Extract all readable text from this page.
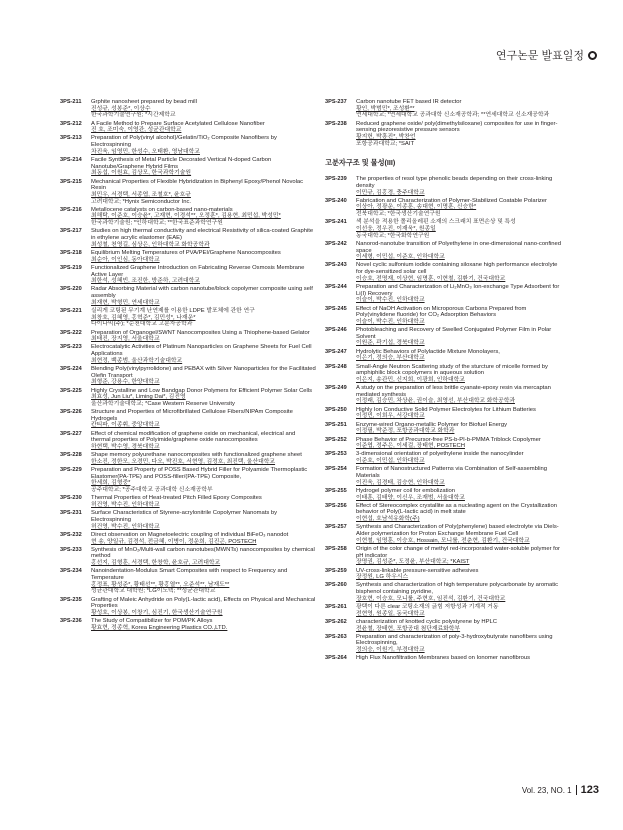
연구논문 발표일정
3PS-211	Grphite nanosheet prepared by bead mill
진성규, 성봉준*, 이상수
한국과학기술연구원; *시간제학교
3PS-212	A Facile Method to Prepare Surface Acetylated Cellulose Nanofiber
진 호, 조미숙, 이영관, 성균관대학교
3PS-213	Preparation of Poly(vinyl alcohol)/Gelatin/TiO₂ Composite Nanofibers by Electrospinning
차진욱, 임영민, 한성수, 오태환, 영남대학교
3PS-214	Facile Synthesis of Metal Particle Decorated Vertical N-doped Carbon Nanotube/Graphene Hybrid Films
최동섭, 이원효, 김상모, 한국과학기술원
3PS-215	Mechanical Properties of Flexible Hybridization in Biphenyl Epoxy/Phenol Novolac Resin
최민우, 서경택, 서종엽, 조철호*, 윤호규
고려대학교; *Hynix Semiconductor Inc.
3PS-216	Metallocene catalysts on carbon-based nano-materials
최해탁, 이준호, 이승윤*, 고재현, 이경석**, 오정훈*, 김용현, 최민섭, 박성민*
한국과학기술원; *인하대학교; **한국표준과학연구원
3PS-217	Studies on high thermal conductivity and electrical Resistivity of silica-coated Graphite in ethylene acrylic elastomer (EAE)
최성철, 천영길, 심상은, 인하대학교 화학공학과
3PS-218	Equilibrium Melting Temperatures of PVA/PEI/Graphene Nanocomposites
최순아, 이인심, 동아대학교
3PS-219	Functionalized Graphene Introduction on Fabricating Reverse Osmosis Membrane Active Layer
최한석, 성혜빈, 조진한, 방준하, 고려대학교
3PS-220	Radar Absorbing Material with carbon nanotube/block copolymer composite using self assembly
최재현, 박형민, 연세대학교
3PS-221	실리게 코팅된 무기계 난연제를 이용한 LDPE 발포체에 관한 연구
최창호, 김혜영, 홍혁준*, 김민성*, 나재운*
다이나믹(주); *순천대학교 고분자공학과
3PS-222	Preparation of Organogel/SWNT Nanocomposites Using a Thiophene-based Gelator
최태진, 장지영, 서울대학교
3PS-223	Electrocatalytic Activities of Platinum Nanoparticles on Graphene Sheets for Fuel Cell Applications
최현정, 백종범, 울산과학기술대학교
3PS-224	Blending Poly(vinylpyrrolidone) and PEBAX with Silver Nanoparticles for the Facilitated Olefin Transport
최형준, 강용수, 한양대학교
3PS-225	Highly Crystalline and Low Bandgap Donor Polymers for Efficient Polymer Solar Cells
최효성, Jun Liu*, Liming Dai*, 김진영
울산과학기술대학교; *Case Western Reserve University
3PS-226	Structure and Properties of Microfibrillated Cellulose Fibers/NIPAm Composite Hydrogels
칸티파, 이종휘, 중앙대학교
3PS-227	Effect of chemical modification of graphene oxide on mechanical, electrical and thermal properties of Polyimide/graphene oxide nanocomposites
하현택, 박수영, 경북대학교
3PS-228	Shape memory polyurethane nanocomposites with functionalized graphene sheet
한소진, 정한모, 오경민, 다오, 박진호, 서현영, 김정호, 최진택, 울산대학교
3PS-229	Preparation and Property of POSS Based Hybrid Filler for Polyamide Thermoplastic Elastomer(PA-TPE) and POSS-filler/(PA-TPE) Composite,
한세희, 김형중*
공주대학교; *공주대학교 공과대학 신소재공학부
3PS-230	Thermal Properties of Heat-treated Pitch Filled Epoxy Composites
허건영, 박수진, 인하대학교
3PS-231	Surface Characteristics of Styrene-acrylonitrile Copolymer Nanomats by Electrospinning
허건영, 박수진, 인하대학교
3PS-232	Direct observation on Magnetoelectric coupling of individual BiFeO₃ nanodot
현 송, 양일규, 김경석, 전금혜, 이병이, 정운희, 김진곤, POSTECH
3PS-233	Synthesis of MnO₂/Multi-wall carbon nanotubes(MWNTs) nanocomposites by chemical method
홍선지, 김형훈, 서경택, 한창학, 윤호규, 고려대학교
3PS-234	Nanoindentation-Modulus Smart Composites with respect to Frequency and Temperature
홍정표, 황성준*, 황태선**, 황홍열**, 오준석**, 남재도**
성균관대학교 대학원; *LG이노텍; **성균관대학교
3PS-235	Grafting of Maleic Anhydride on Poly(L-lactic acid), Effects on Physical and Mechanical Properties
황성호, 이상봉, 이창기, 심진기, 한국생산기술연구원
3PS-236	The Study of Compatibilizer for POM/PK Alloys
황효현, 정종혁, Korea Engineering Plastics CO.,LTD.
3PS-237	Carbon nanotube FET based IR detector
황인, 박범민*, 조성환**
연세대학교; *연세대학교 공과대학 신소재공학과; **연세대학교 신소재공학과
3PS-238	Reduced graphene oxide/ poly(dimethylsiloxane) composites for use in finger-sensing piezoresistive pressure sensors
황지헌, 박흥진*, 박찬언
포항공과대학교; *SAIT
고분자구조 및 물성(III)
3PS-239	The properties of resol type phenolic beads depending on their cross-linking density
이민규, 김홍경, 충주대학교
3PS-240	Fabrication and Characterization of Polymer-Stabilized Coatable Polarizer
이상아, 정광운, 이종훈, 송대현, 이명훈, 신승한*
전북대학교; *한국생산기술연구원
3PS-241	색 분석을 적용한 폴리올레핀 소재의 스크래치 표면손상 및 특성
이선웅, 정우진, 이재욱*, 원종일
동국대학교; *한국화학연구원
3PS-242	Nanorod-nanotube transition of Polyethylene in one-dimensional nano-confined space
이세형, 이민섭, 이준호, 인하대학교
3PS-243	Novel cyclic sulfonium iodide containing siloxane high performance electrolyte for dye-sensitized solar cell
이승호, 전명재, 이상현, 임명훈, 이현철, 김환기, 건국대학교
3PS-244	Preparation and Characterization of Li₂MnO₃ Ion-exchange Type Adsorbent for Li(I) Recovery
이슬이, 박수진, 인하대학교
3PS-245	Effect of NaOH Activation on Microporous Carbons Prepared from Poly(vinylidene fluoride) for CO₂ Adsorption Behaviors
이슬이, 박수진, 인하대학교
3PS-246	Photobleaching and Recovery of Swelled Conjugated Polymer Film in Polar Solvent
이원준, 곽기섭, 경북대학교
3PS-247	Hydrolytic Behaviors of Polylactide Mixture Monolayers,
이은기, 정의승, 부산대학교
3PS-248	Small-Angle Neutron Scattering study of the sturcture of micelle formed by amphiphilic block copolymers in aqueous solution
이은지, 송관민, 신지희, 이광희, 인하대학교
3PS-249	A study on the preparation of less brittle cyanate-epoxy resin via mercaptan mediated synthesis
이정래, 김승민, 차상윤, 권이슬, 최영선, 부산대학교 화학공학과
3PS-250	Highly Ion Conductive Solid Polymer Electrolytes for Lithium Batteries
이정민, 이희우, 서강대학교
3PS-251	Enzyme-wired Organo-metallic Polymer for Biofuel Energy
이정필, 박준정, 포항공과대학교 화학과
3PS-252	Phase Behavior of Precursor-free PS-b-PI-b-PMMA Triblock Copolymer
이준엽, 정주은, 이세걸, 장태현, POSTECH
3PS-253	3-dimensional orientation of polyethylene inside the nanocylinder
이준호, 이민섭, 인하대학교
3PS-254	Formation of Nanostructured Patterns via Combination of Self-assembling Materials
이진욱, 김경태, 김승현, 인하대학교
3PS-255	Hydrogel polymer coil for embolization
이태훈, 김태양, 이신우, 조재범, 서울대학교
3PS-256	Effect of Stereocomplex crystallite as a nucleating agent on the Crystallization behavior of Poly(L-lactic acid) in melt state
이현섭, 호남석유화학(주)
3PS-257	Synthesis and Characterization of Poly(phenylene) based electrolyte via Diels-Alder polymerization for Proton Exchange Membrane Fuel Cell
이현철, 임명훈, 이승호, Hossain, 모니룰, 전춘현, 김환기, 건국대학교
3PS-258	Origin of the color change of methyl red-incorporated water-soluble polymer for pH indicator
장명권, 김성준*, 도정윤, 부산대학교; *KAIST
3PS-259	UV-cross-linkable pressure-sensitive adhesives
장정원, LG 하우시스
3PS-260	Synthesis and characterization of high temperature polycarbonate by aromatic bisphenol containing pyridine,
장호현, 이승호, 모니룰, 주현호, 임진석, 김환기, 건국대학교
3PS-261	광택이 다른 clear 코팅소재의 긁힘 저항성과 기계적 거동
전현영, 원종일, 동국대학교
3PS-262	characterization of knotted cyclic polystyrene by HPLC
전윤철, 장태현, 포항공대 첨단재료화학부
3PS-263	Preparation and characterization of poly-3-hydroxybutyrate nanofibers using Electrospinning,
정의승, 이원기, 부경대학교
3PS-264	High Flux Nanofiltration Membranes based on Ionomer nanofibrous
Vol. 23, NO. 1 123
